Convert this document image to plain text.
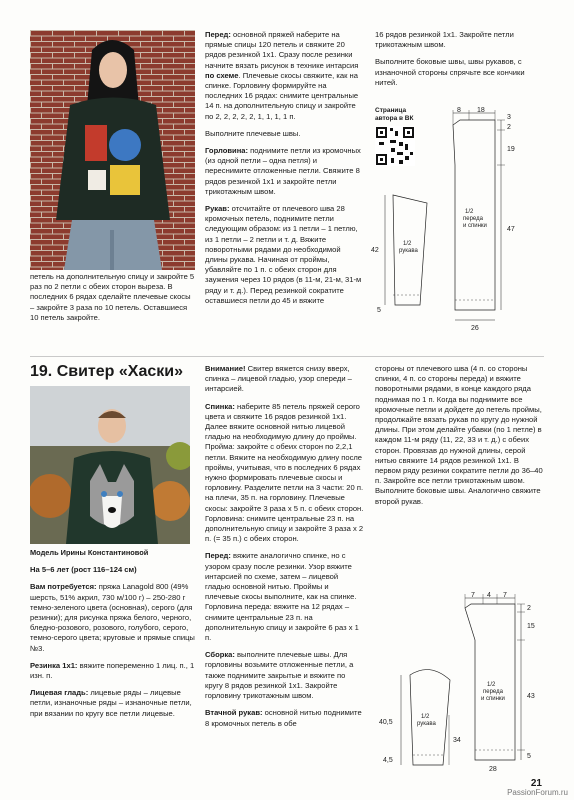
петель на дополнительную спицу и закройте 5 раз по 2 петли с обеих сторон выреза. В последних 6 рядах сделайте плечевые скосы – закройте 3 раза по 10 петель. Оставшиеся 10 петель закройте.

Перед: основной пряжей наберите на прямые спицы 120 петель и свяжите 20 рядов резинкой 1x1. Сразу после резинки начните вязать рисунок в технике интарсия по схеме. Плечевые скосы свяжите, как на спинке. Горловину формируйте на последних 16 рядах: снимите центральные 14 п. на дополнительную спицу и закройте по 2, 2, 2, 2, 2, 1, 1, 1, 1 п.

Выполните плечевые швы.

Горловина: поднимите петли из кромочных (из одной петли – одна петля) и переснимите отложенные петли. Свяжите 8 рядов резинкой 1x1 и закройте петли трикотажным швом.

Рукав: отсчитайте от плечевого шва 28 кромочных петель, поднимите петли следующим образом: из 1 петли – 1 петлю, из 1 петли – 2 петли и т. д. Вяжите поворотными рядами до необходимой длины рукава. Начиная от проймы, убавляйте по 1 п. с обеих сторон для заужения через 10 рядов (в 11-м, 21-м, 31-м ряду и т. д.). Перед резинкой сократите оставшиеся петли до 45 и вяжите

16 рядов резинкой 1x1. Закройте петли трикотажным швом.

Выполните боковые швы, швы рукавов, с изнаночной стороны спрячьте все кончики нитей.

Страница автора в ВК
8 18
3
2
19
47
42
5
26
1/2 переда и спинки
1/2 рукава
19. Свитер «Хаски»

Модель Ирины Константиновой

На 5–6 лет (рост 116–124 см)

Вам потребуется: пряжа Lanagold 800 (49% шерсть, 51% акрил, 730 м/100 г) – 250-280 г темно-зеленого цвета (основная), серого (для резинки); для рисунка пряжа белого, черного, бледно-розового, розового, голубого, серого, темно-серого цвета; круговые и прямые спицы №3.

Резинка 1x1: вяжите попеременно 1 лиц. п., 1 изн. п.

Лицевая гладь: лицевые ряды – лицевые петли, изнаночные ряды – изнаночные петли, при вязании по кругу все петли лицевые.

Внимание! Свитер вяжется снизу вверх, спинка – лицевой гладью, узор спереди – интарсией.

Спинка: наберите 85 петель пряжей серого цвета и свяжите 16 рядов резинкой 1x1. Далее вяжите основной нитью лицевой гладью на необходимую длину до проймы. Пройма: закройте с обеих сторон по 2,2,1 петли. Вяжите на необходимую длину после проймы, учитывая, что в последних 6 рядах нужно формировать плечевые скосы и горловину. Разделите петли на 3 части: 20 п. на плечи, 35 п. на горловину. Плечевые скосы: закройте 3 раза х 5 п. с обеих сторон. Горловина: снимите центральные 23 п. на дополнительную спицу и закройте 3 раза х 2 п. (= 35 п.) с обеих сторон.

Перед: вяжите аналогично спинке, но с узором сразу после резинки. Узор вяжите интарсией по схеме, затем – лицевой гладью основной нитью. Проймы и плечевые скосы выполните, как на спинке. Горловина переда: вяжите на 12 рядах – снимите центральные 23 п. на дополнительную спицу и закройте 6 раз х 1 п.

Сборка: выполните плечевые швы. Для горловины возьмите отложенные петли, а также поднимите закрытые и вяжите по кругу 8 рядов резинкой 1x1. Закройте горловину трикотажным швом.

Втачной рукав: основной нитью поднимите 8 кромочных петель в обе

стороны от плечевого шва (4 п. со стороны спинки, 4 п. со стороны переда) и вяжите поворотными рядами, в конце каждого ряда поднимая по 1 п. Когда вы поднимите все кромочные петли и дойдете до петель проймы, продолжайте вязать рукав по кругу до нужной длины. При этом делайте убавки (по 1 петле) в каждом 11-м ряду (11, 22, 33 и т. д.) с обеих сторон. Провязав до нужной длины, серой нитью свяжите 14 рядов резинкой 1x1. В первом ряду резинки сократите петли до 36–40 п. Закройте все петли трикотажным швом. Выполните боковые швы. Аналогично свяжите второй рукав.

7 4 7
2
15
43
5
40,5
4,5
34
28
1/2 переда и спинки
1/2 рукава
21
PassionForum.ru
